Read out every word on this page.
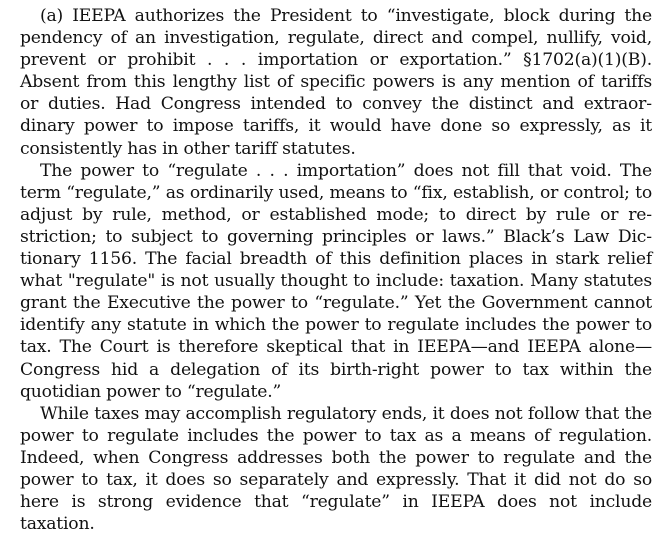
(a) IEEPA authorizes the President to “investigate, block during the pendency of an investigation, regulate, direct and compel, nullify, void, prevent or prohibit . . . importation or exportation.” §1702(a)(1)(B). Absent from this lengthy list of specific powers is any mention of tariffs or duties. Had Congress intended to convey the distinct and extraordinary power to impose tariffs, it would have done so expressly, as it consistently has in other tariff statutes.

The power to “regulate . . . importation” does not fill that void. The term “regulate,” as ordinarily used, means to “fix, establish, or control; to adjust by rule, method, or established mode; to direct by rule or restriction; to subject to governing principles or laws.” Black’s Law Dictionary 1156. The facial breadth of this definition places in stark relief what "regulate" is not usually thought to include: taxation. Many statutes grant the Executive the power to “regulate.” Yet the Government cannot identify any statute in which the power to regulate includes the power to tax. The Court is therefore skeptical that in IEEPA—and IEEPA alone—Congress hid a delegation of its birth-right power to tax within the quotidian power to “regulate.”

While taxes may accomplish regulatory ends, it does not follow that the power to regulate includes the power to tax as a means of regulation. Indeed, when Congress addresses both the power to regulate and the power to tax, it does so separately and expressly. That it did not do so here is strong evidence that “regulate” in IEEPA does not include taxation.
